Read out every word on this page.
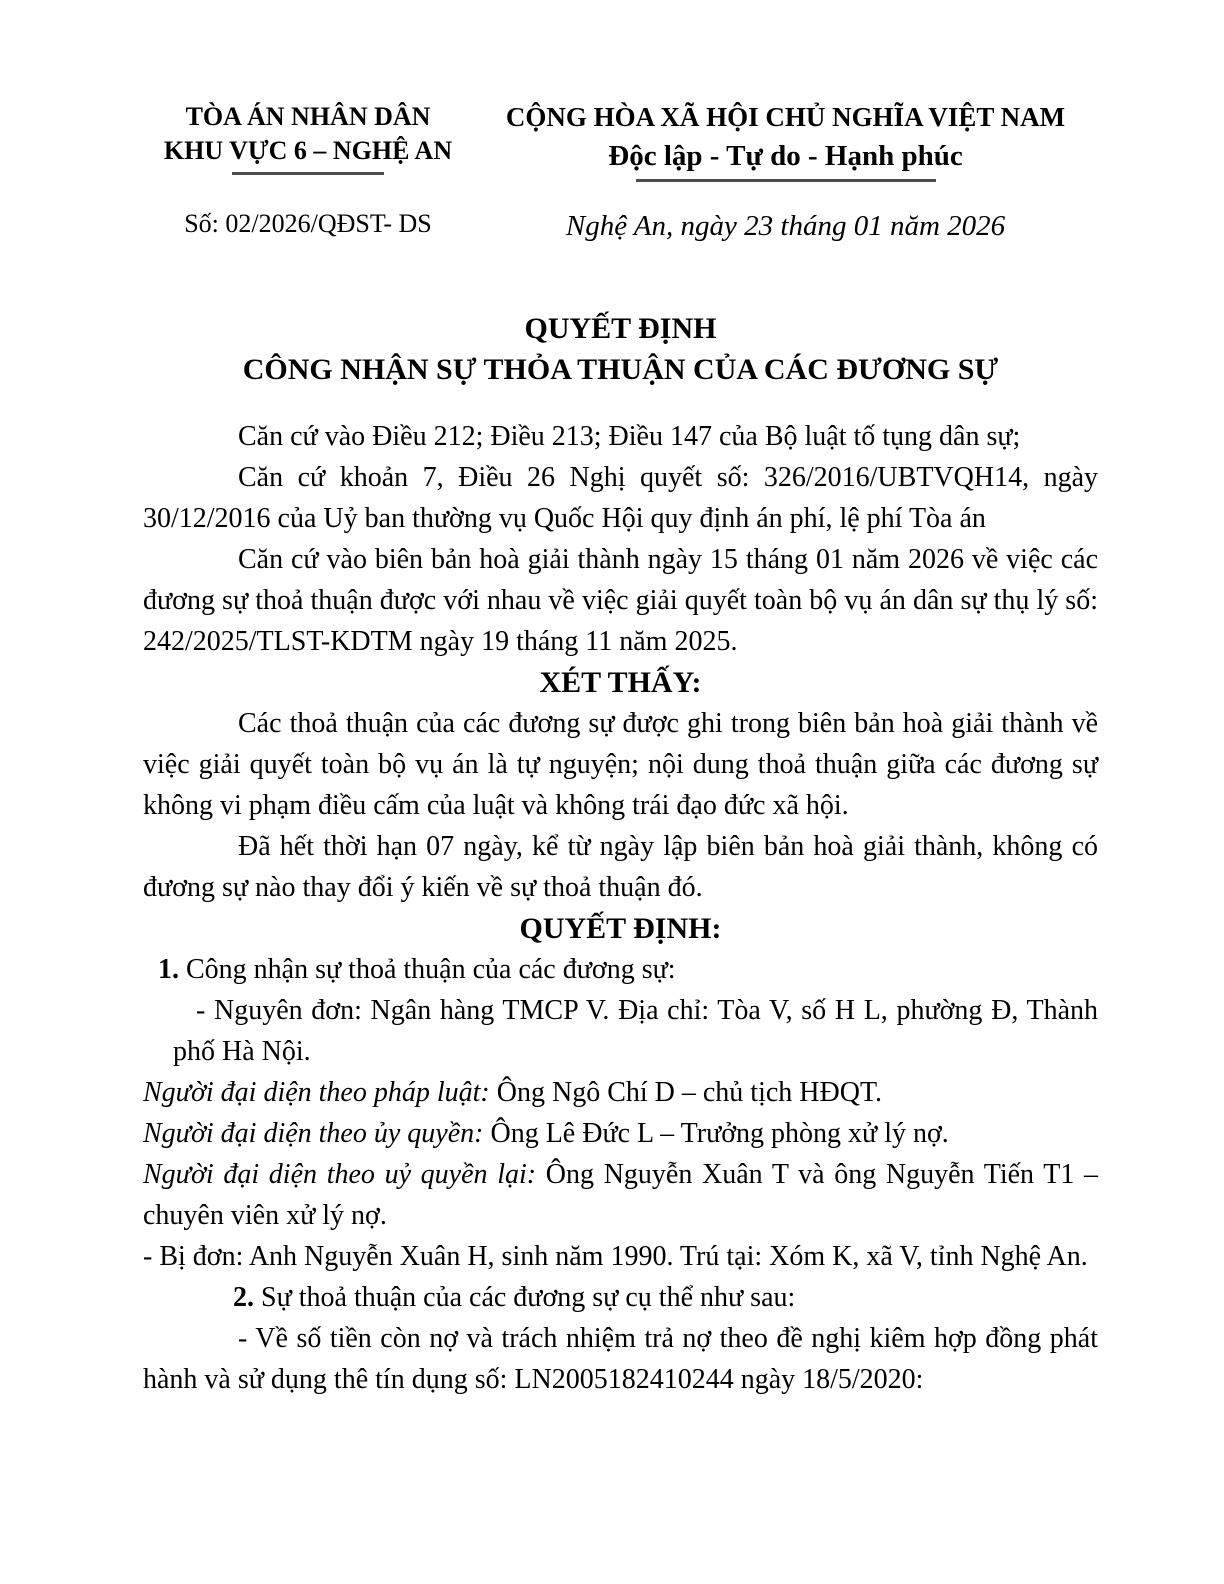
TÒA ÁN NHÂN DÂN
KHU VỰC 6 – NGHỆ AN
Số: 02/2026/QĐST- DS
CỘNG HÒA XÃ HỘI CHỦ NGHĨA VIỆT NAM
Độc lập - Tự do - Hạnh phúc
Nghệ An, ngày 23 tháng 01 năm 2026
QUYẾT ĐỊNH
CÔNG NHẬN SỰ THỎA THUẬN CỦA CÁC ĐƯƠNG SỰ

Căn cứ vào Điều 212; Điều 213; Điều 147 của Bộ luật tố tụng dân sự;

Căn cứ khoản 7, Điều 26 Nghị quyết số: 326/2016/UBTVQH14, ngày 30/12/2016 của Uỷ ban thường vụ Quốc Hội quy định án phí, lệ phí Tòa án

Căn cứ vào biên bản hoà giải thành ngày 15 tháng 01 năm 2026 về việc các đương sự thoả thuận được với nhau về việc giải quyết toàn bộ vụ án dân sự thụ lý số: 242/2025/TLST-KDTM ngày 19 tháng 11 năm 2025.

XÉT THẤY:

Các thoả thuận của các đương sự được ghi trong biên bản hoà giải thành về việc giải quyết toàn bộ vụ án là tự nguyện; nội dung thoả thuận giữa các đương sự không vi phạm điều cấm của luật và không trái đạo đức xã hội.

Đã hết thời hạn 07 ngày, kể từ ngày lập biên bản hoà giải thành, không có đương sự nào thay đổi ý kiến về sự thoả thuận đó.

QUYẾT ĐỊNH:

1. Công nhận sự thoả thuận của các đương sự:

- Nguyên đơn: Ngân hàng TMCP V. Địa chỉ: Tòa V, số H L, phường Đ, Thành phố Hà Nội.

Người đại diện theo pháp luật: Ông Ngô Chí D – chủ tịch HĐQT.

Người đại diện theo ủy quyền: Ông Lê Đức L – Trưởng phòng xử lý nợ.

Người đại diện theo uỷ quyền lại: Ông Nguyễn Xuân T và ông Nguyễn Tiến T1 – chuyên viên xử lý nợ.

- Bị đơn: Anh Nguyễn Xuân H, sinh năm 1990. Trú tại: Xóm K, xã V, tỉnh Nghệ An.

2. Sự thoả thuận của các đương sự cụ thể như sau:

- Về số tiền còn nợ và trách nhiệm trả nợ theo đề nghị kiêm hợp đồng phát hành và sử dụng thê tín dụng số: LN2005182410244 ngày 18/5/2020:
